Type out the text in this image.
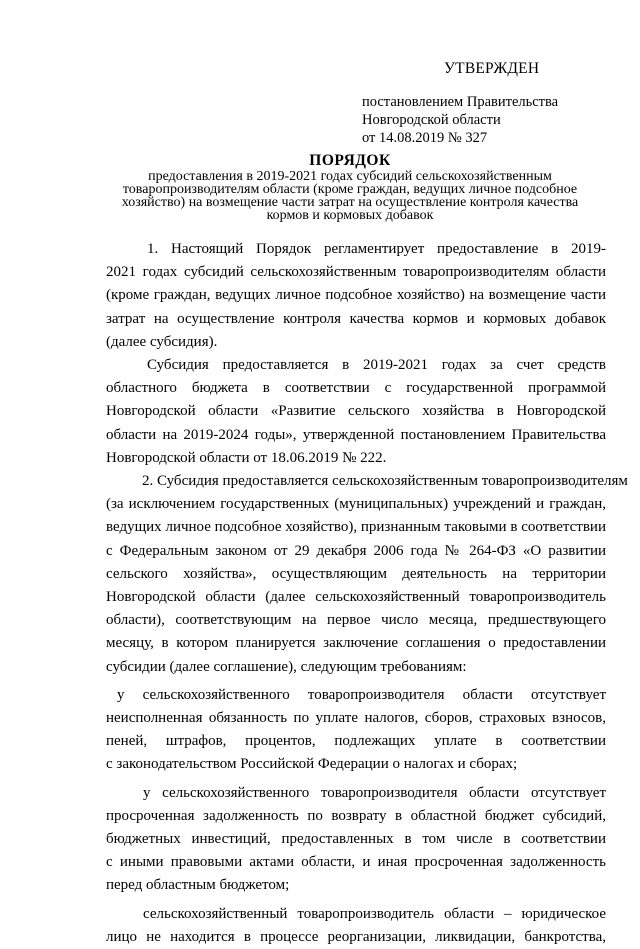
УТВЕРЖДЕН
постановлением Правительства
Новгородской области
от 14.08.2019 № 327
ПОРЯДОК
предоставления в 2019-2021 годах субсидий сельскохозяйственным
товаропроизводителям области (кроме граждан, ведущих личное подсобное
хозяйство) на возмещение части затрат на осуществление контроля качества
кормов и кормовых добавок
1. Настоящий Порядок регламентирует предоставление в 2019-
2021 годах субсидий сельскохозяйственным товаропроизводителям области
(кроме граждан, ведущих личное подсобное хозяйство) на возмещение части
затрат на осуществление контроля качества кормов и кормовых добавок
(далее субсидия).
Субсидия предоставляется в 2019-2021 годах за счет средств
областного бюджета в соответствии с государственной программой
Новгородской области «Развитие сельского хозяйства в Новгородской
области на 2019-2024 годы», утвержденной постановлением Правительства
Новгородской области от 18.06.2019 № 222.
2. Субсидия предоставляется сельскохозяйственным товаропроизводителям
(за исключением государственных (муниципальных) учреждений и граждан,
ведущих личное подсобное хозяйство), признанным таковыми в соответствии
с Федеральным законом от 29 декабря 2006 года № 264-ФЗ «О развитии
сельского хозяйства», осуществляющим деятельность на территории
Новгородской области (далее сельскохозяйственный товаропроизводитель
области), соответствующим на первое число месяца, предшествующего
месяцу, в котором планируется заключение соглашения о предоставлении
субсидии (далее соглашение), следующим требованиям:
у сельскохозяйственного товаропроизводителя области отсутствует
неисполненная обязанность по уплате налогов, сборов, страховых взносов,
пеней, штрафов, процентов, подлежащих уплате в соответствии
с законодательством Российской Федерации о налогах и сборах;
у сельскохозяйственного товаропроизводителя области отсутствует
просроченная задолженность по возврату в областной бюджет субсидий,
бюджетных инвестиций, предоставленных в том числе в соответствии
с иными правовыми актами области, и иная просроченная задолженность
перед областным бюджетом;
сельскохозяйственный товаропроизводитель области – юридическое
лицо не находится в процессе реорганизации, ликвидации, банкротства,
